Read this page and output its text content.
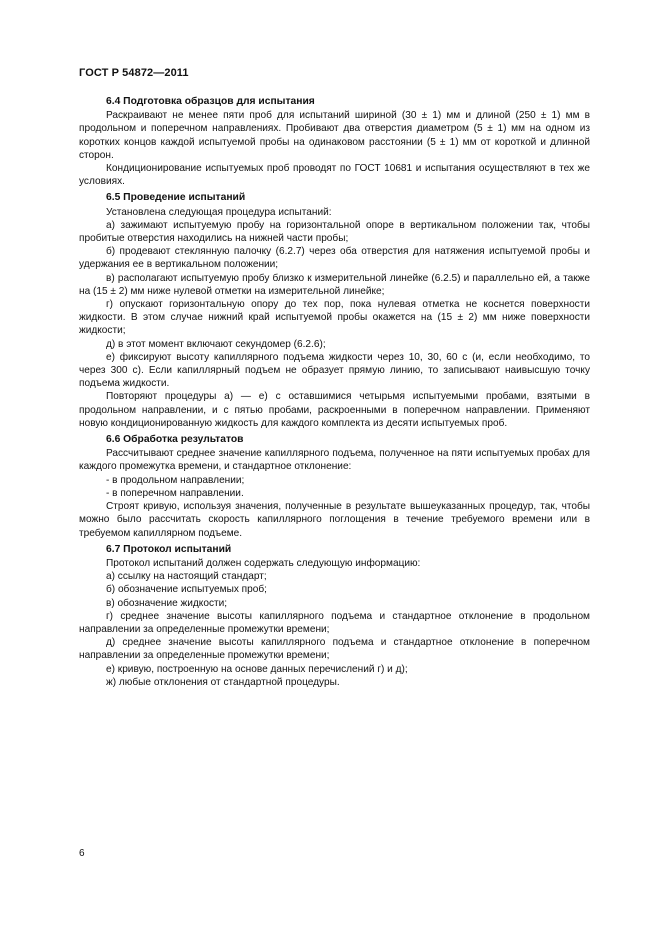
ГОСТ Р 54872—2011
6.4 Подготовка образцов для испытания

Раскраивают не менее пяти проб для испытаний шириной (30 ± 1) мм и длиной (250 ± 1) мм в продольном и поперечном направлениях. Пробивают два отверстия диаметром (5 ± 1) мм на одном из коротких концов каждой испытуемой пробы на одинаковом расстоянии (5 ± 1) мм от короткой и длинной сторон.

Кондиционирование испытуемых проб проводят по ГОСТ 10681 и испытания осуществляют в тех же условиях.

6.5 Проведение испытаний

Установлена следующая процедура испытаний:

а) зажимают испытуемую пробу на горизонтальной опоре в вертикальном положении так, чтобы пробитые отверстия находились на нижней части пробы;

б) продевают стеклянную палочку (6.2.7) через оба отверстия для натяжения испытуемой пробы и удержания ее в вертикальном положении;

в) располагают испытуемую пробу близко к измерительной линейке (6.2.5) и параллельно ей, а также на (15 ± 2) мм ниже нулевой отметки на измерительной линейке;

г) опускают горизонтальную опору до тех пор, пока нулевая отметка не коснется поверхности жидкости. В этом случае нижний край испытуемой пробы окажется на (15 ± 2) мм ниже поверхности жидкости;

д) в этот момент включают секундомер (6.2.6);

е) фиксируют высоту капиллярного подъема жидкости через 10, 30, 60 с (и, если необходимо, то через 300 с). Если капиллярный подъем не образует прямую линию, то записывают наивысшую точку подъема жидкости.

Повторяют процедуры а) — е) с оставшимися четырьмя испытуемыми пробами, взятыми в продольном направлении, и с пятью пробами, раскроенными в поперечном направлении. Применяют новую кондиционированную жидкость для каждого комплекта из десяти испытуемых проб.

6.6 Обработка результатов

Рассчитывают среднее значение капиллярного подъема, полученное на пяти испытуемых пробах для каждого промежутка времени, и стандартное отклонение:

- в продольном направлении;

- в поперечном направлении.

Строят кривую, используя значения, полученные в результате вышеуказанных процедур, так, чтобы можно было рассчитать скорость капиллярного поглощения в течение требуемого времени или в требуемом капиллярном подъеме.

6.7 Протокол испытаний

Протокол испытаний должен содержать следующую информацию:

а) ссылку на настоящий стандарт;

б) обозначение испытуемых проб;

в) обозначение жидкости;

г) среднее значение высоты капиллярного подъема и стандартное отклонение в продольном направлении за определенные промежутки времени;

д) среднее значение высоты капиллярного подъема и стандартное отклонение в поперечном направлении за определенные промежутки времени;

е) кривую, построенную на основе данных перечислений г) и д);

ж) любые отклонения от стандартной процедуры.

6
